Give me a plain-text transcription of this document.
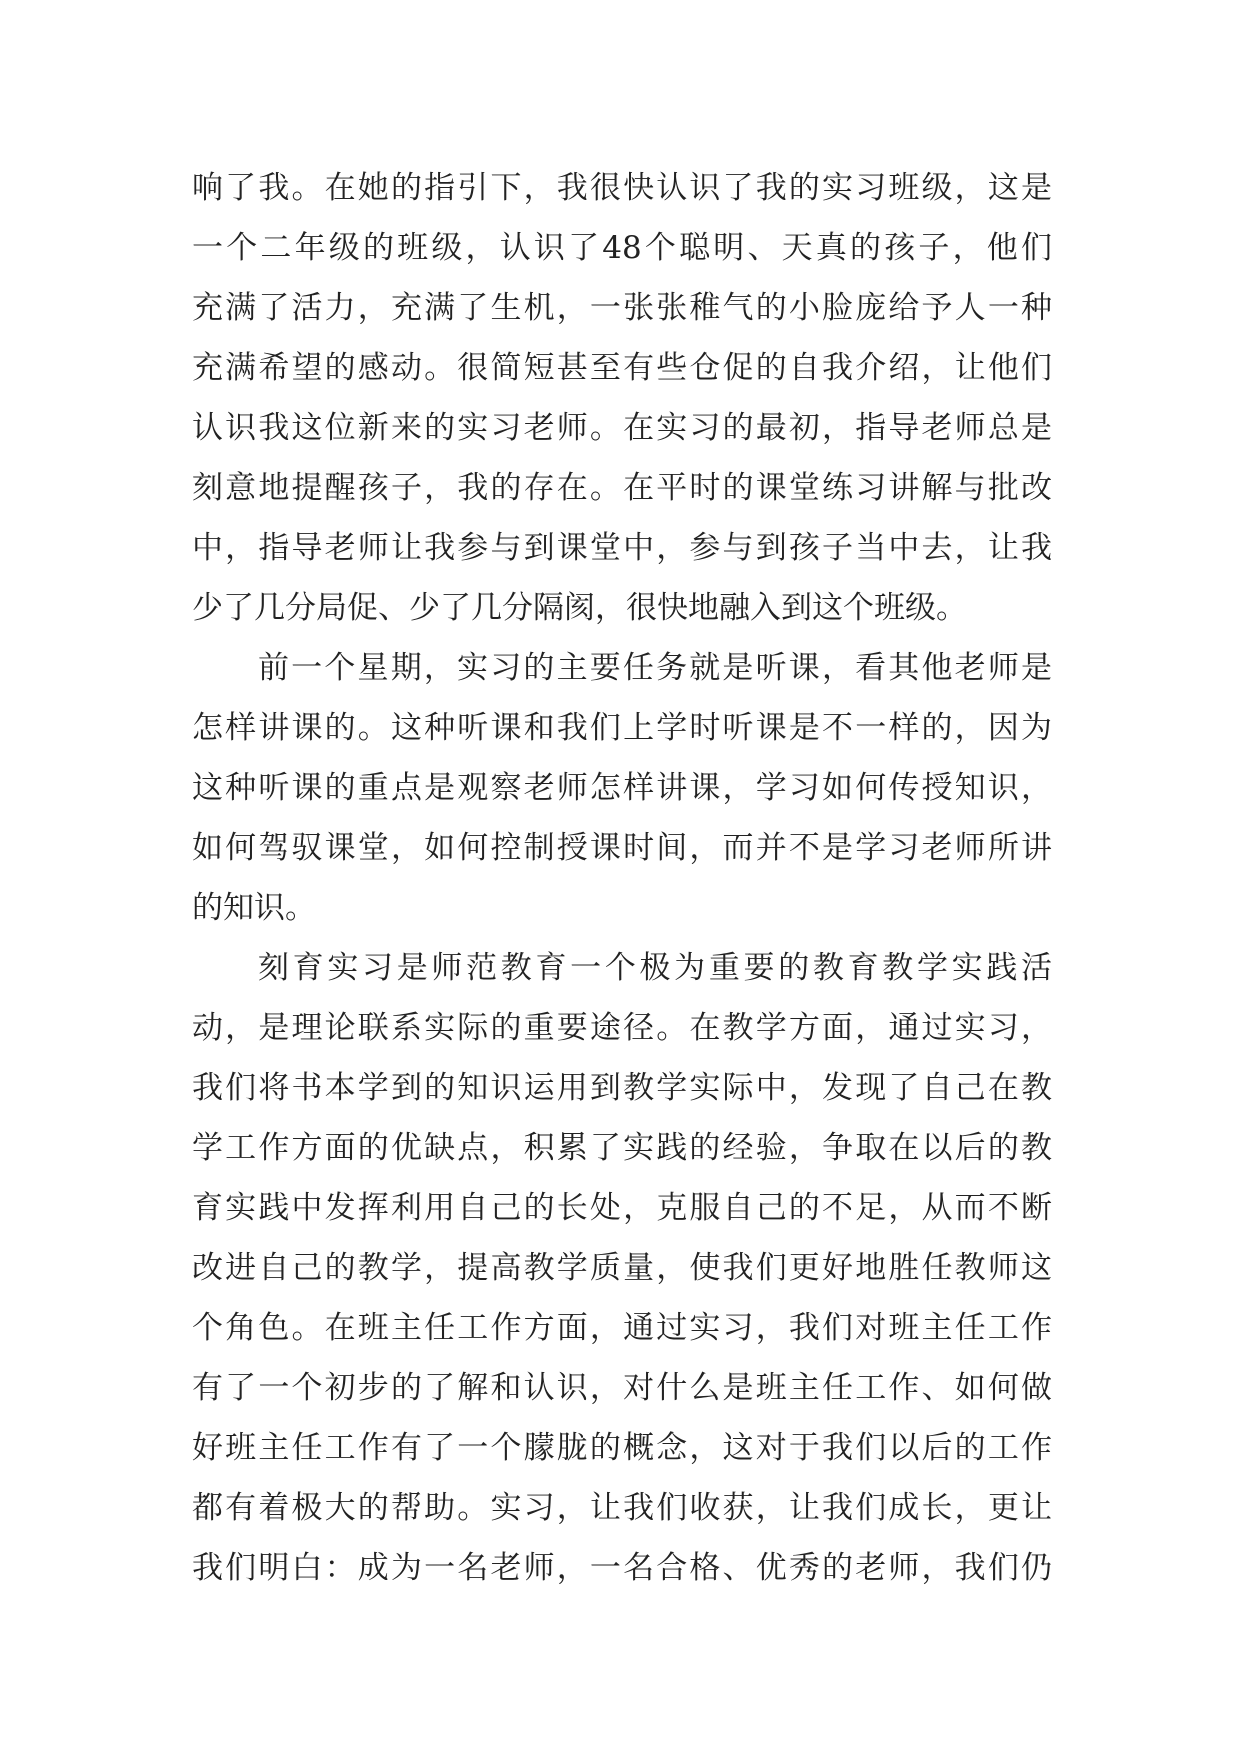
响了我。在她的指引下，我很快认识了我的实习班级，这是
一个二年级的班级，认识了48个聪明、天真的孩子，他们
充满了活力，充满了生机，一张张稚气的小脸庞给予人一种
充满希望的感动。很简短甚至有些仓促的自我介绍，让他们
认识我这位新来的实习老师。在实习的最初，指导老师总是
刻意地提醒孩子，我的存在。在平时的课堂练习讲解与批改
中，指导老师让我参与到课堂中，参与到孩子当中去，让我
少了几分局促、少了几分隔阂，很快地融入到这个班级。
前一个星期，实习的主要任务就是听课，看其他老师是
怎样讲课的。这种听课和我们上学时听课是不一样的，因为
这种听课的重点是观察老师怎样讲课，学习如何传授知识，
如何驾驭课堂，如何控制授课时间，而并不是学习老师所讲
的知识。
刻育实习是师范教育一个极为重要的教育教学实践活
动，是理论联系实际的重要途径。在教学方面，通过实习，
我们将书本学到的知识运用到教学实际中，发现了自己在教
学工作方面的优缺点，积累了实践的经验，争取在以后的教
育实践中发挥利用自己的长处，克服自己的不足，从而不断
改进自己的教学，提高教学质量，使我们更好地胜任教师这
个角色。在班主任工作方面，通过实习，我们对班主任工作
有了一个初步的了解和认识，对什么是班主任工作、如何做
好班主任工作有了一个朦胧的概念，这对于我们以后的工作
都有着极大的帮助。实习，让我们收获，让我们成长，更让
我们明白：成为一名老师，一名合格、优秀的老师，我们仍
